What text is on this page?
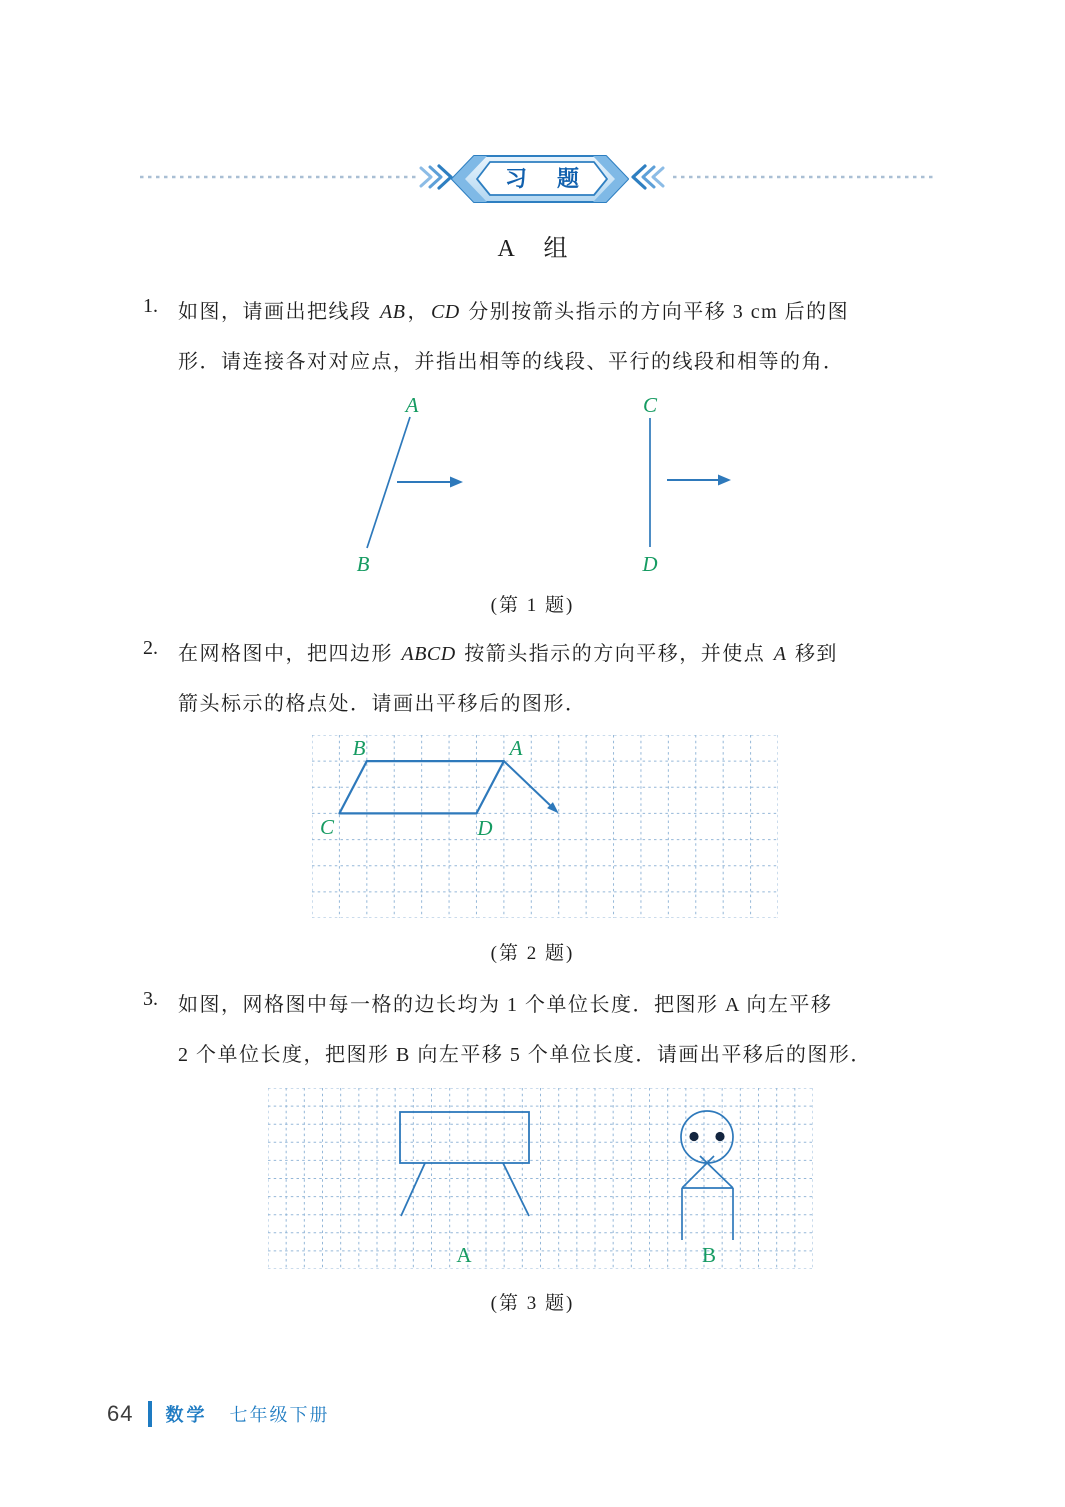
习 题
A 组
1. 如图，请画出把线段 AB ， CD 分别按箭头指示的方向平移 3 cm 后的图
形．请连接各对对应点，并指出相等的线段、平行的线段和相等的角．
A
B
C
D
(第 1 题)
2. 在网格图中，把四边形 ABCD 按箭头指示的方向平移，并使点 A 移到
箭头标示的格点处．请画出平移后的图形．
A
B
C	D
(第 2 题)
3. 如图，网格图中每一格的边长均为 1 个单位长度．把图形 A 向左平移
2 个单位长度，把图形 B 向左平移 5 个单位长度．请画出平移后的图形．
A	B
(第 3 题)
64 数学 七年级下册
